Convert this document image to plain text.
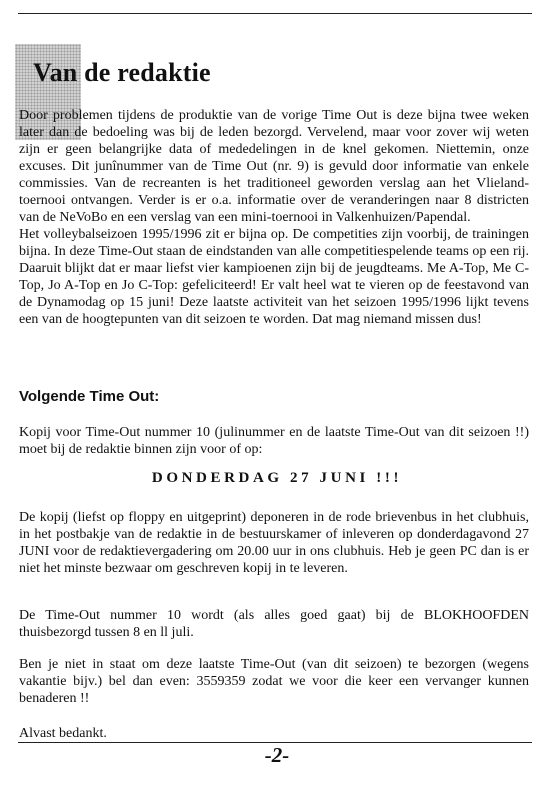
Van de redaktie

Door problemen tijdens de produktie van de vorige Time Out is deze bijna twee weken later dan de bedoeling was bij de leden bezorgd. Vervelend, maar voor zover wij weten zijn er geen belangrijke data of mededelingen in de knel gekomen. Niettemin, onze excuses. Dit junînummer van de Time Out (nr. 9) is gevuld door informatie van enkele commissies. Van de recreanten is het traditioneel geworden verslag aan het Vlieland-toernooi ontvangen. Verder is er o.a. informatie over de veranderingen naar 8 districten van de NeVoBo en een verslag van een mini-toernooi in Valkenhuizen/Papendal.

Het volleybalseizoen 1995/1996 zit er bijna op. De competities zijn voorbij, de trainingen bijna. In deze Time-Out staan de eindstanden van alle competitiespelende teams op een rij. Daaruit blijkt dat er maar liefst vier kampioenen zijn bij de jeugdteams. Me A-Top, Me C-Top, Jo A-Top en Jo C-Top: gefeliciteerd! Er valt heel wat te vieren op de feestavond van de Dynamodag op 15 juni! Deze laatste activiteit van het seizoen 1995/1996 lijkt tevens een van de hoogtepunten van dit seizoen te worden. Dat mag niemand missen dus!

Volgende Time Out:

Kopij voor Time-Out nummer 10 (julinummer en de laatste Time-Out van dit seizoen !!) moet bij de redaktie binnen zijn voor of op:

DONDERDAG 27 JUNI !!!

De kopij (liefst op floppy en uitgeprint) deponeren in de rode brievenbus in het clubhuis, in het postbakje van de redaktie in de bestuurskamer of inleveren op donderdagavond 27 JUNI voor de redaktievergadering om 20.00 uur in ons clubhuis. Heb je geen PC dan is er niet het minste bezwaar om geschreven kopij in te leveren.

De Time-Out nummer 10 wordt (als alles goed gaat) bij de BLOKHOOFDEN thuisbezorgd tussen 8 en ll juli.

Ben je niet in staat om deze laatste Time-Out (van dit seizoen) te bezorgen (wegens vakantie bijv.) bel dan even: 3559359 zodat we voor die keer een vervanger kunnen benaderen !!

Alvast bedankt.

-2-
